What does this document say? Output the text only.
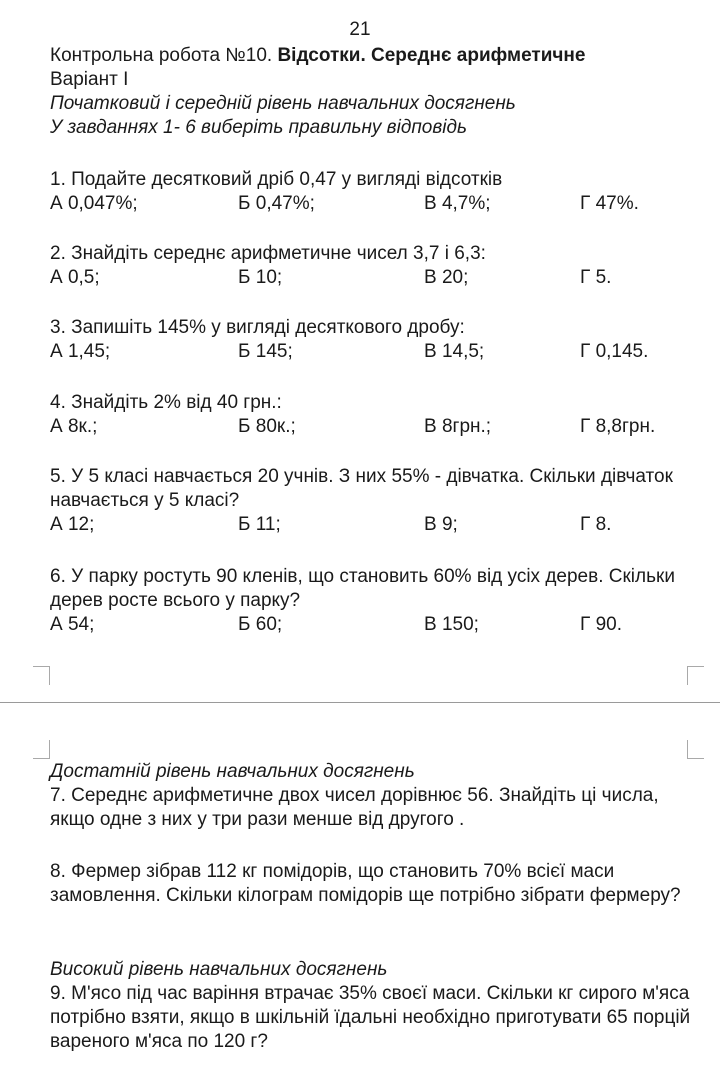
21
Контрольна робота №10. Відсотки. Середнє арифметичне
Варіант І
Початковий і середній рівень навчальних досягнень
У завданнях 1- 6 виберіть правильну відповідь
1. Подайте десятковий дріб 0,47 у вигляді відсотків
А 0,047%;	Б 0,47%;	В 4,7%;	Г 47%.
2. Знайдіть середнє арифметичне чисел 3,7 і 6,3:
А 0,5;	Б 10;	В 20;	Г 5.
3. Запишіть 145% у вигляді десяткового дробу:
А 1,45;	Б 145;	В 14,5;	Г 0,145.
4. Знайдіть 2% від 40 грн.:
А 8к.;	Б 80к.;	В 8грн.;	Г 8,8грн.
5. У 5 класі навчається 20 учнів. З них 55% - дівчатка. Скільки дівчаток навчається у 5 класі?
А 12;	Б 11;	В 9;	Г 8.
6. У парку ростуть 90 кленів, що становить 60% від усіх дерев. Скільки дерев росте всього у парку?
А 54;	Б 60;	В 150;	Г 90.
Достатній рівень навчальних досягнень
7. Середнє арифметичне двох чисел дорівнює 56. Знайдіть ці числа, якщо одне з них у три рази менше від другого .
8. Фермер зібрав 112 кг помідорів, що становить 70% всієї маси замовлення. Скільки кілограм помідорів ще потрібно зібрати фермеру?
Високий рівень навчальних досягнень
9. М'ясо під час варіння втрачає 35% своєї маси. Скільки кг сирого м'яса потрібно взяти, якщо в шкільній їдальні необхідно приготувати 65 порцій вареного м'яса по 120 г?
